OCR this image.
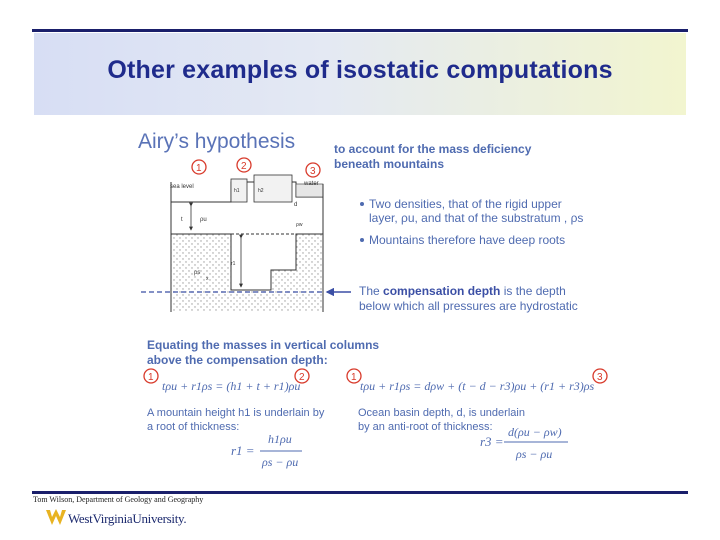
Other examples of isostatic computations
Airy’s hypothesis	to account for the mass deficiency
beneath mountains
sea level	water
h1	h2
d
t	ρu
ρw
r1
ρs
x
1	2	3
Two densities, that of the rigid upper
layer, ρu, and that of the substratum , ρs
Mountains therefore have deep roots
The compensation depth is the depth
below which all pressures are hydrostatic
Equating the masses in vertical columns
above the compensation depth:
1
tρu + r1ρs = (h1 + t + r1)ρu
2	1
tρu + r1ρs = dρw + (t − d − r3)ρu + (r1 + r3)ρs
3
A mountain height h1 is underlain by
a root of thickness:
Ocean basin depth, d, is underlain
by an anti-root of thickness:
r1 =
h1ρu
ρs − ρu
r3 =
d(ρu − ρw)
ρs − ρu
Tom Wilson, Department of Geology and Geography
WestVirginiaUniversity.
